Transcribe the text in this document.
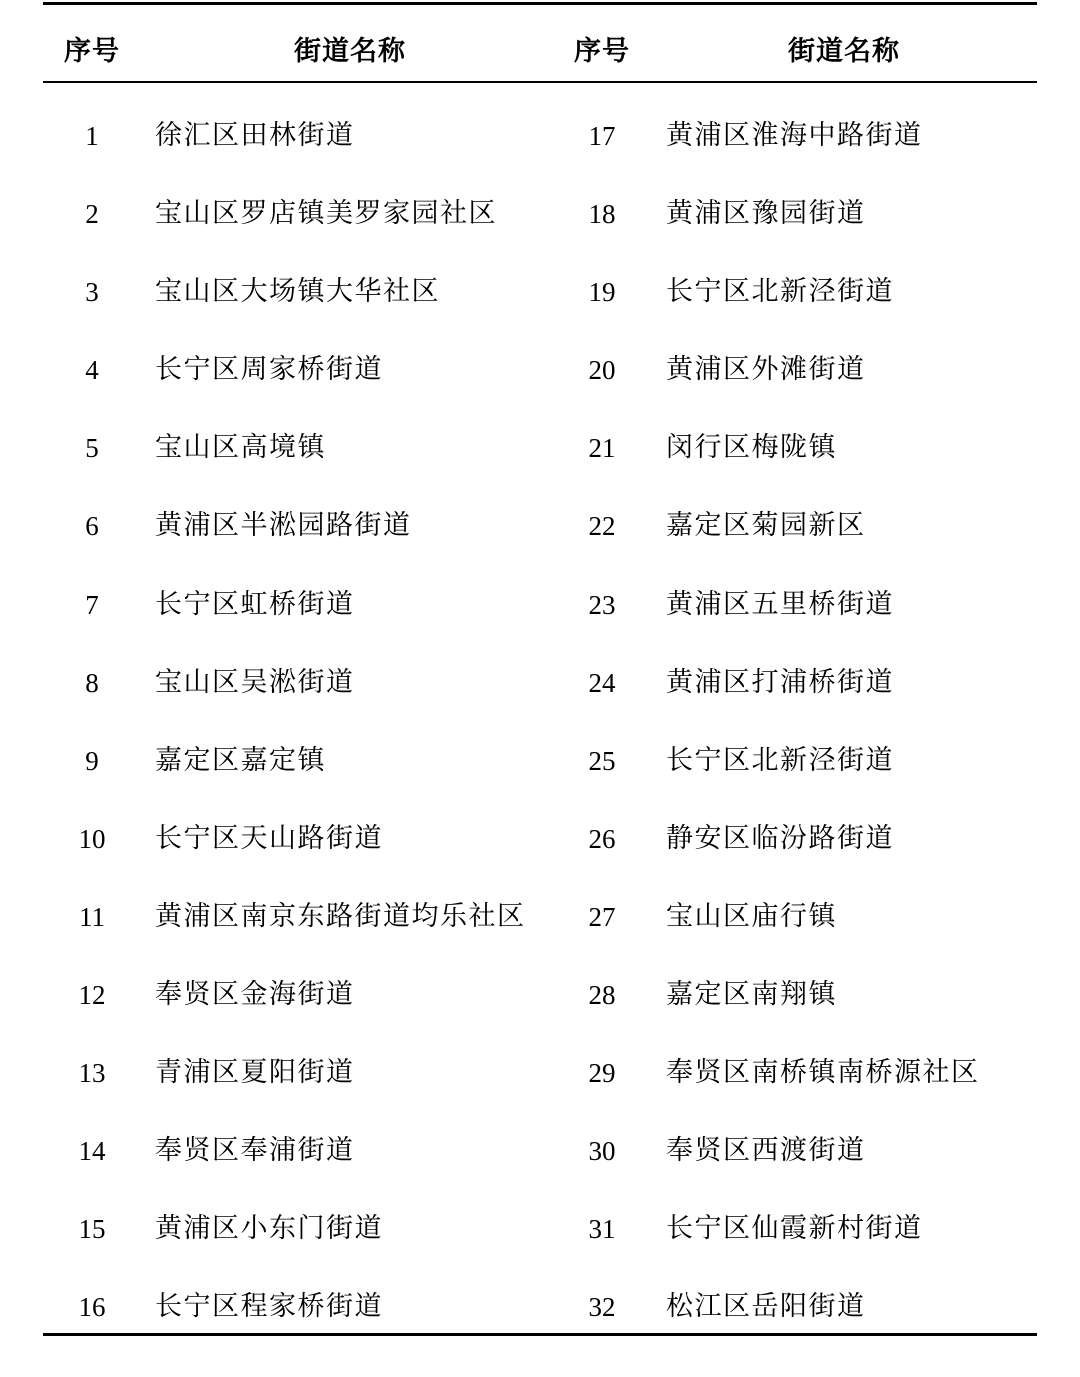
序号	街道名称	序号	街道名称
1	徐汇区田林街道	17	黄浦区淮海中路街道
2	宝山区罗店镇美罗家园社区	18	黄浦区豫园街道
3	宝山区大场镇大华社区	19	长宁区北新泾街道
4	长宁区周家桥街道	20	黄浦区外滩街道
5	宝山区高境镇	21	闵行区梅陇镇
6	黄浦区半淞园路街道	22	嘉定区菊园新区
7	长宁区虹桥街道	23	黄浦区五里桥街道
8	宝山区吴淞街道	24	黄浦区打浦桥街道
9	嘉定区嘉定镇	25	长宁区北新泾街道
10	长宁区天山路街道	26	静安区临汾路街道
11	黄浦区南京东路街道均乐社区	27	宝山区庙行镇
12	奉贤区金海街道	28	嘉定区南翔镇
13	青浦区夏阳街道	29	奉贤区南桥镇南桥源社区
14	奉贤区奉浦街道	30	奉贤区西渡街道
15	黄浦区小东门街道	31	长宁区仙霞新村街道
16	长宁区程家桥街道	32	松江区岳阳街道
